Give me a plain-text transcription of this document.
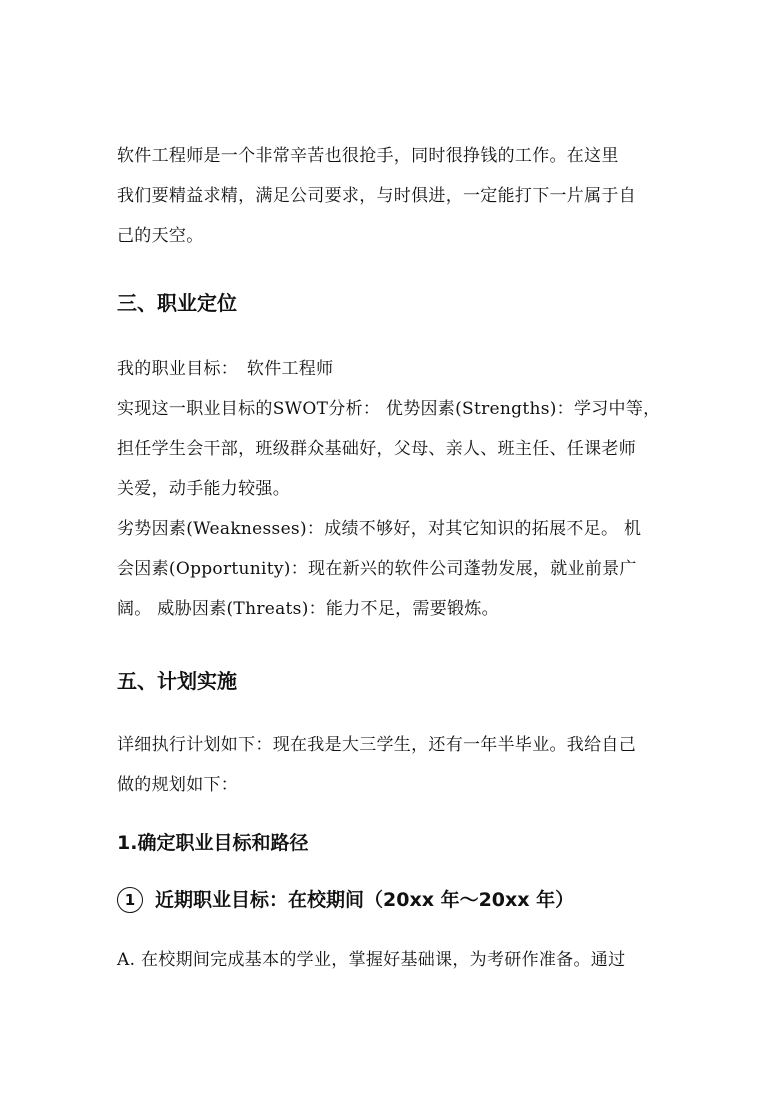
软件工程师是一个非常辛苦也很抢手，同时很挣钱的工作。在这里
我们要精益求精，满足公司要求，与时俱进，一定能打下一片属于自
己的天空。

三、职业定位

我的职业目标：　软件工程师

实现这一职业目标的SWOT分析： 优势因素(Strengths)：学习中等，
担任学生会干部，班级群众基础好，父母、亲人、班主任、任课老师
关爱，动手能力较强。
劣势因素(Weaknesses)：成绩不够好，对其它知识的拓展不足。 机
会因素(Opportunity)：现在新兴的软件公司蓬勃发展，就业前景广
阔。 威胁因素(Threats)：能力不足，需要锻炼。

五、计划实施

详细执行计划如下：现在我是大三学生，还有一年半毕业。我给自己
做的规划如下：

1.确定职业目标和路径
1 近期职业目标：在校期间（20xx 年～20xx 年）

A. 在校期间完成基本的学业，掌握好基础课，为考研作准备。通过
